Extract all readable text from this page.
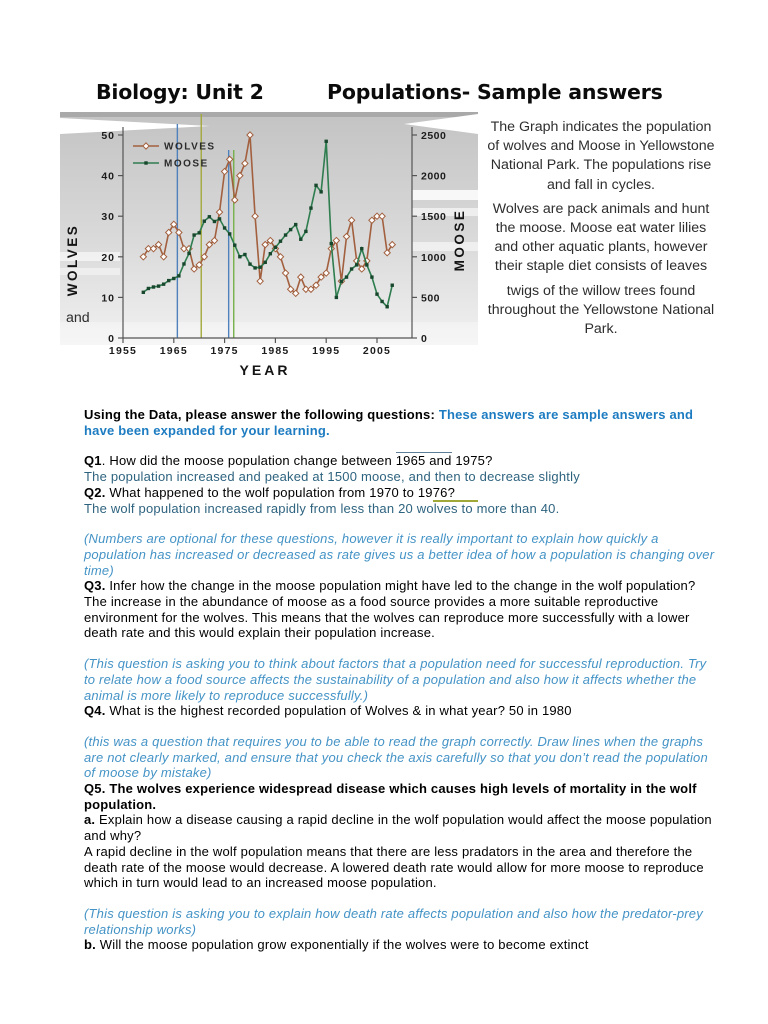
Biology: Unit 2	Populations- Sample answers
0
10
20
30
40
50
0
500
1000
1500
2000
2500
1955 1965 1975 1985 1995 2005
WOLVES	MOOSE
YEAR
WOLVES
MOOSE

The Graph indicates the population of wolves and Moose in Yellowstone National Park. The populations rise and fall in cycles.

Wolves are pack animals and hunt the moose. Moose eat water lilies and other aquatic plants, however their staple diet consists of leaves

twigs of the willow trees found throughout the Yellowstone National Park.

and

Using the Data, please answer the following questions: These answers are sample answers and have been expanded for your learning.

Q1. How did the moose population change between 1965 and 1975?

The population increased and peaked at 1500 moose, and then to decrease slightly

Q2. What happened to the wolf population from 1970 to 1976?

The wolf population increased rapidly from less than 20 wolves to more than 40.

(Numbers are optional for these questions, however it is really important to explain how quickly a population has increased or decreased as rate gives us a better idea of how a population is changing over time)

Q3. Infer how the change in the moose population might have led to the change in the wolf population? The increase in the abundance of moose as a food source provides a more suitable reproductive environment for the wolves. This means that the wolves can reproduce more successfully with a lower death rate and this would explain their population increase.

(This question is asking you to think about factors that a population need for successful reproduction. Try to relate how a food source affects the sustainability of a population and also how it affects whether the animal is more likely to reproduce successfully.)

Q4. What is the highest recorded population of Wolves & in what year? 50 in 1980

(this was a question that requires you to be able to read the graph correctly. Draw lines when the graphs are not clearly marked, and ensure that you check the axis carefully so that you don’t read the population of moose by mistake)

Q5. The wolves experience widespread disease which causes high levels of mortality in the wolf population.

a. Explain how a disease causing a rapid decline in the wolf population would affect the moose population and why?

A rapid decline in the wolf population means that there are less pradators in the area and therefore the death rate of the moose would decrease. A lowered death rate would allow for more moose to reproduce which in turn would lead to an increased moose population.

(This question is asking you to explain how death rate affects population and also how the predator-prey relationship works)

b. Will the moose population grow exponentially if the wolves were to become extinct
